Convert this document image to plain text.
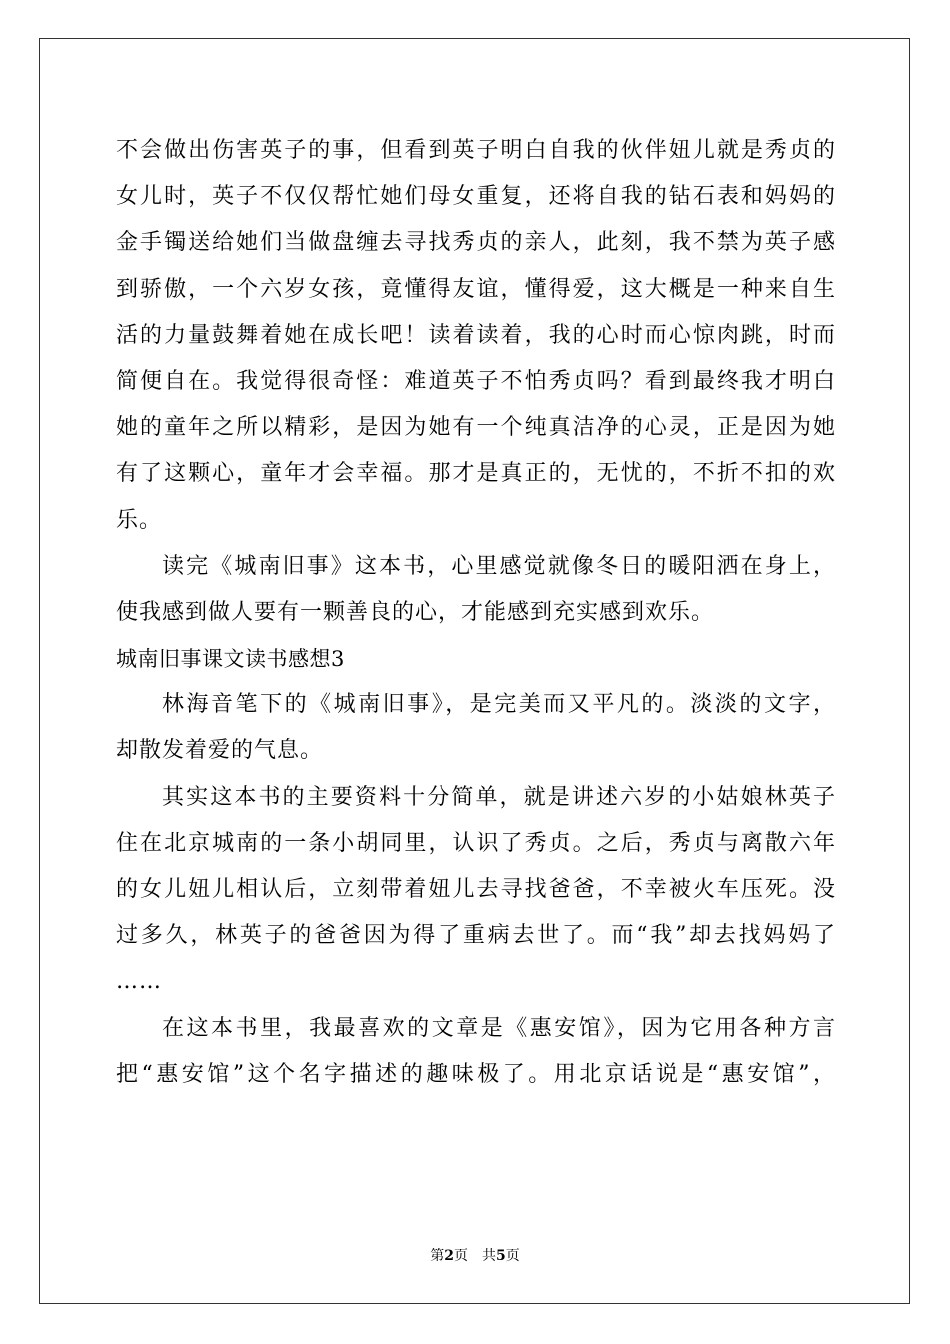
不会做出伤害英子的事，但看到英子明白自我的伙伴妞儿就是秀贞的
女儿时，英子不仅仅帮忙她们母女重复，还将自我的钻石表和妈妈的
金手镯送给她们当做盘缠去寻找秀贞的亲人，此刻，我不禁为英子感
到骄傲，一个六岁女孩，竟懂得友谊，懂得爱，这大概是一种来自生
活的力量鼓舞着她在成长吧！读着读着，我的心时而心惊肉跳，时而
简便自在。我觉得很奇怪：难道英子不怕秀贞吗？看到最终我才明白
她的童年之所以精彩，是因为她有一个纯真洁净的心灵，正是因为她
有了这颗心，童年才会幸福。那才是真正的，无忧的，不折不扣的欢
乐。
读完《城南旧事》这本书，心里感觉就像冬日的暖阳洒在身上，
使我感到做人要有一颗善良的心，才能感到充实感到欢乐。
城南旧事课文读书感想3
林海音笔下的《城南旧事》，是完美而又平凡的。淡淡的文字，
却散发着爱的气息。
其实这本书的主要资料十分简单，就是讲述六岁的小姑娘林英子
住在北京城南的一条小胡同里，认识了秀贞。之后，秀贞与离散六年
的女儿妞儿相认后，立刻带着妞儿去寻找爸爸，不幸被火车压死。没
过多久，林英子的爸爸因为得了重病去世了。而“我”却去找妈妈了
……
在这本书里，我最喜欢的文章是《惠安馆》，因为它用各种方言
把“惠安馆”这个名字描述的趣味极了。用北京话说是“惠安馆”，
第2页 共5页
